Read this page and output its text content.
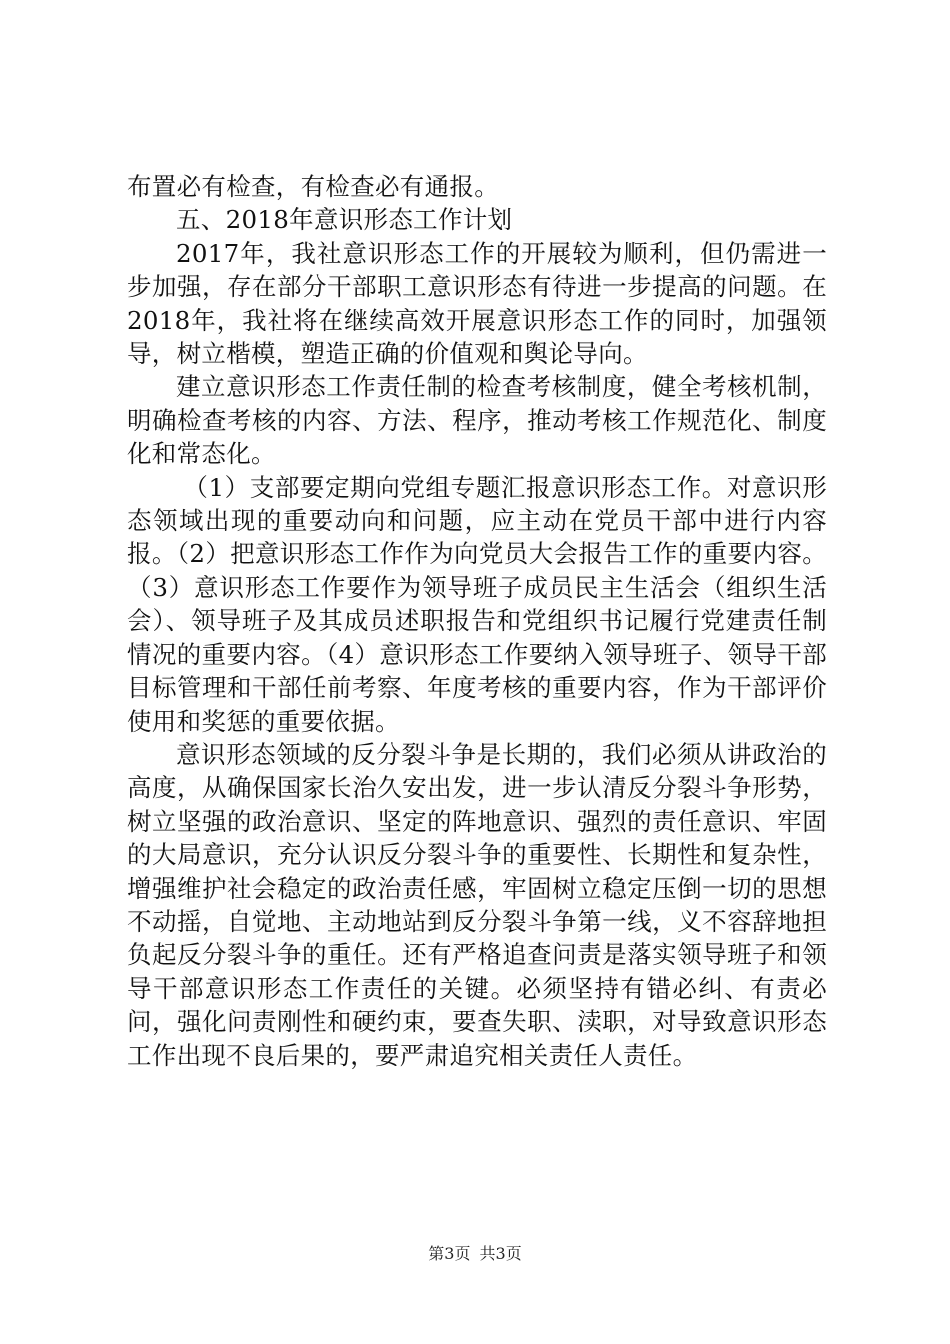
布置必有检查，有检查必有通报。

五、2018年意识形态工作计划

2017年，我社意识形态工作的开展较为顺利，但仍需进一步加强，存在部分干部职工意识形态有待进一步提高的问题。在2018年，我社将在继续高效开展意识形态工作的同时，加强领导，树立楷模，塑造正确的价值观和舆论导向。

建立意识形态工作责任制的检查考核制度，健全考核机制，明确检查考核的内容、方法、程序，推动考核工作规范化、制度化和常态化。

（1）支部要定期向党组专题汇报意识形态工作。对意识形态领域出现的重要动向和问题，应主动在党员干部中进行内容报。（2）把意识形态工作作为向党员大会报告工作的重要内容。（3）意识形态工作要作为领导班子成员民主生活会（组织生活会）、领导班子及其成员述职报告和党组织书记履行党建责任制情况的重要内容。（4）意识形态工作要纳入领导班子、领导干部目标管理和干部任前考察、年度考核的重要内容，作为干部评价使用和奖惩的重要依据。

意识形态领域的反分裂斗争是长期的，我们必须从讲政治的高度，从确保国家长治久安出发，进一步认清反分裂斗争形势，树立坚强的政治意识、坚定的阵地意识、强烈的责任意识、牢固的大局意识，充分认识反分裂斗争的重要性、长期性和复杂性，增强维护社会稳定的政治责任感，牢固树立稳定压倒一切的思想不动摇，自觉地、主动地站到反分裂斗争第一线，义不容辞地担负起反分裂斗争的重任。还有严格追查问责是落实领导班子和领导干部意识形态工作责任的关键。必须坚持有错必纠、有责必问，强化问责刚性和硬约束，要查失职、渎职，对导致意识形态工作出现不良后果的，要严肃追究相关责任人责任。

第3页 共3页
